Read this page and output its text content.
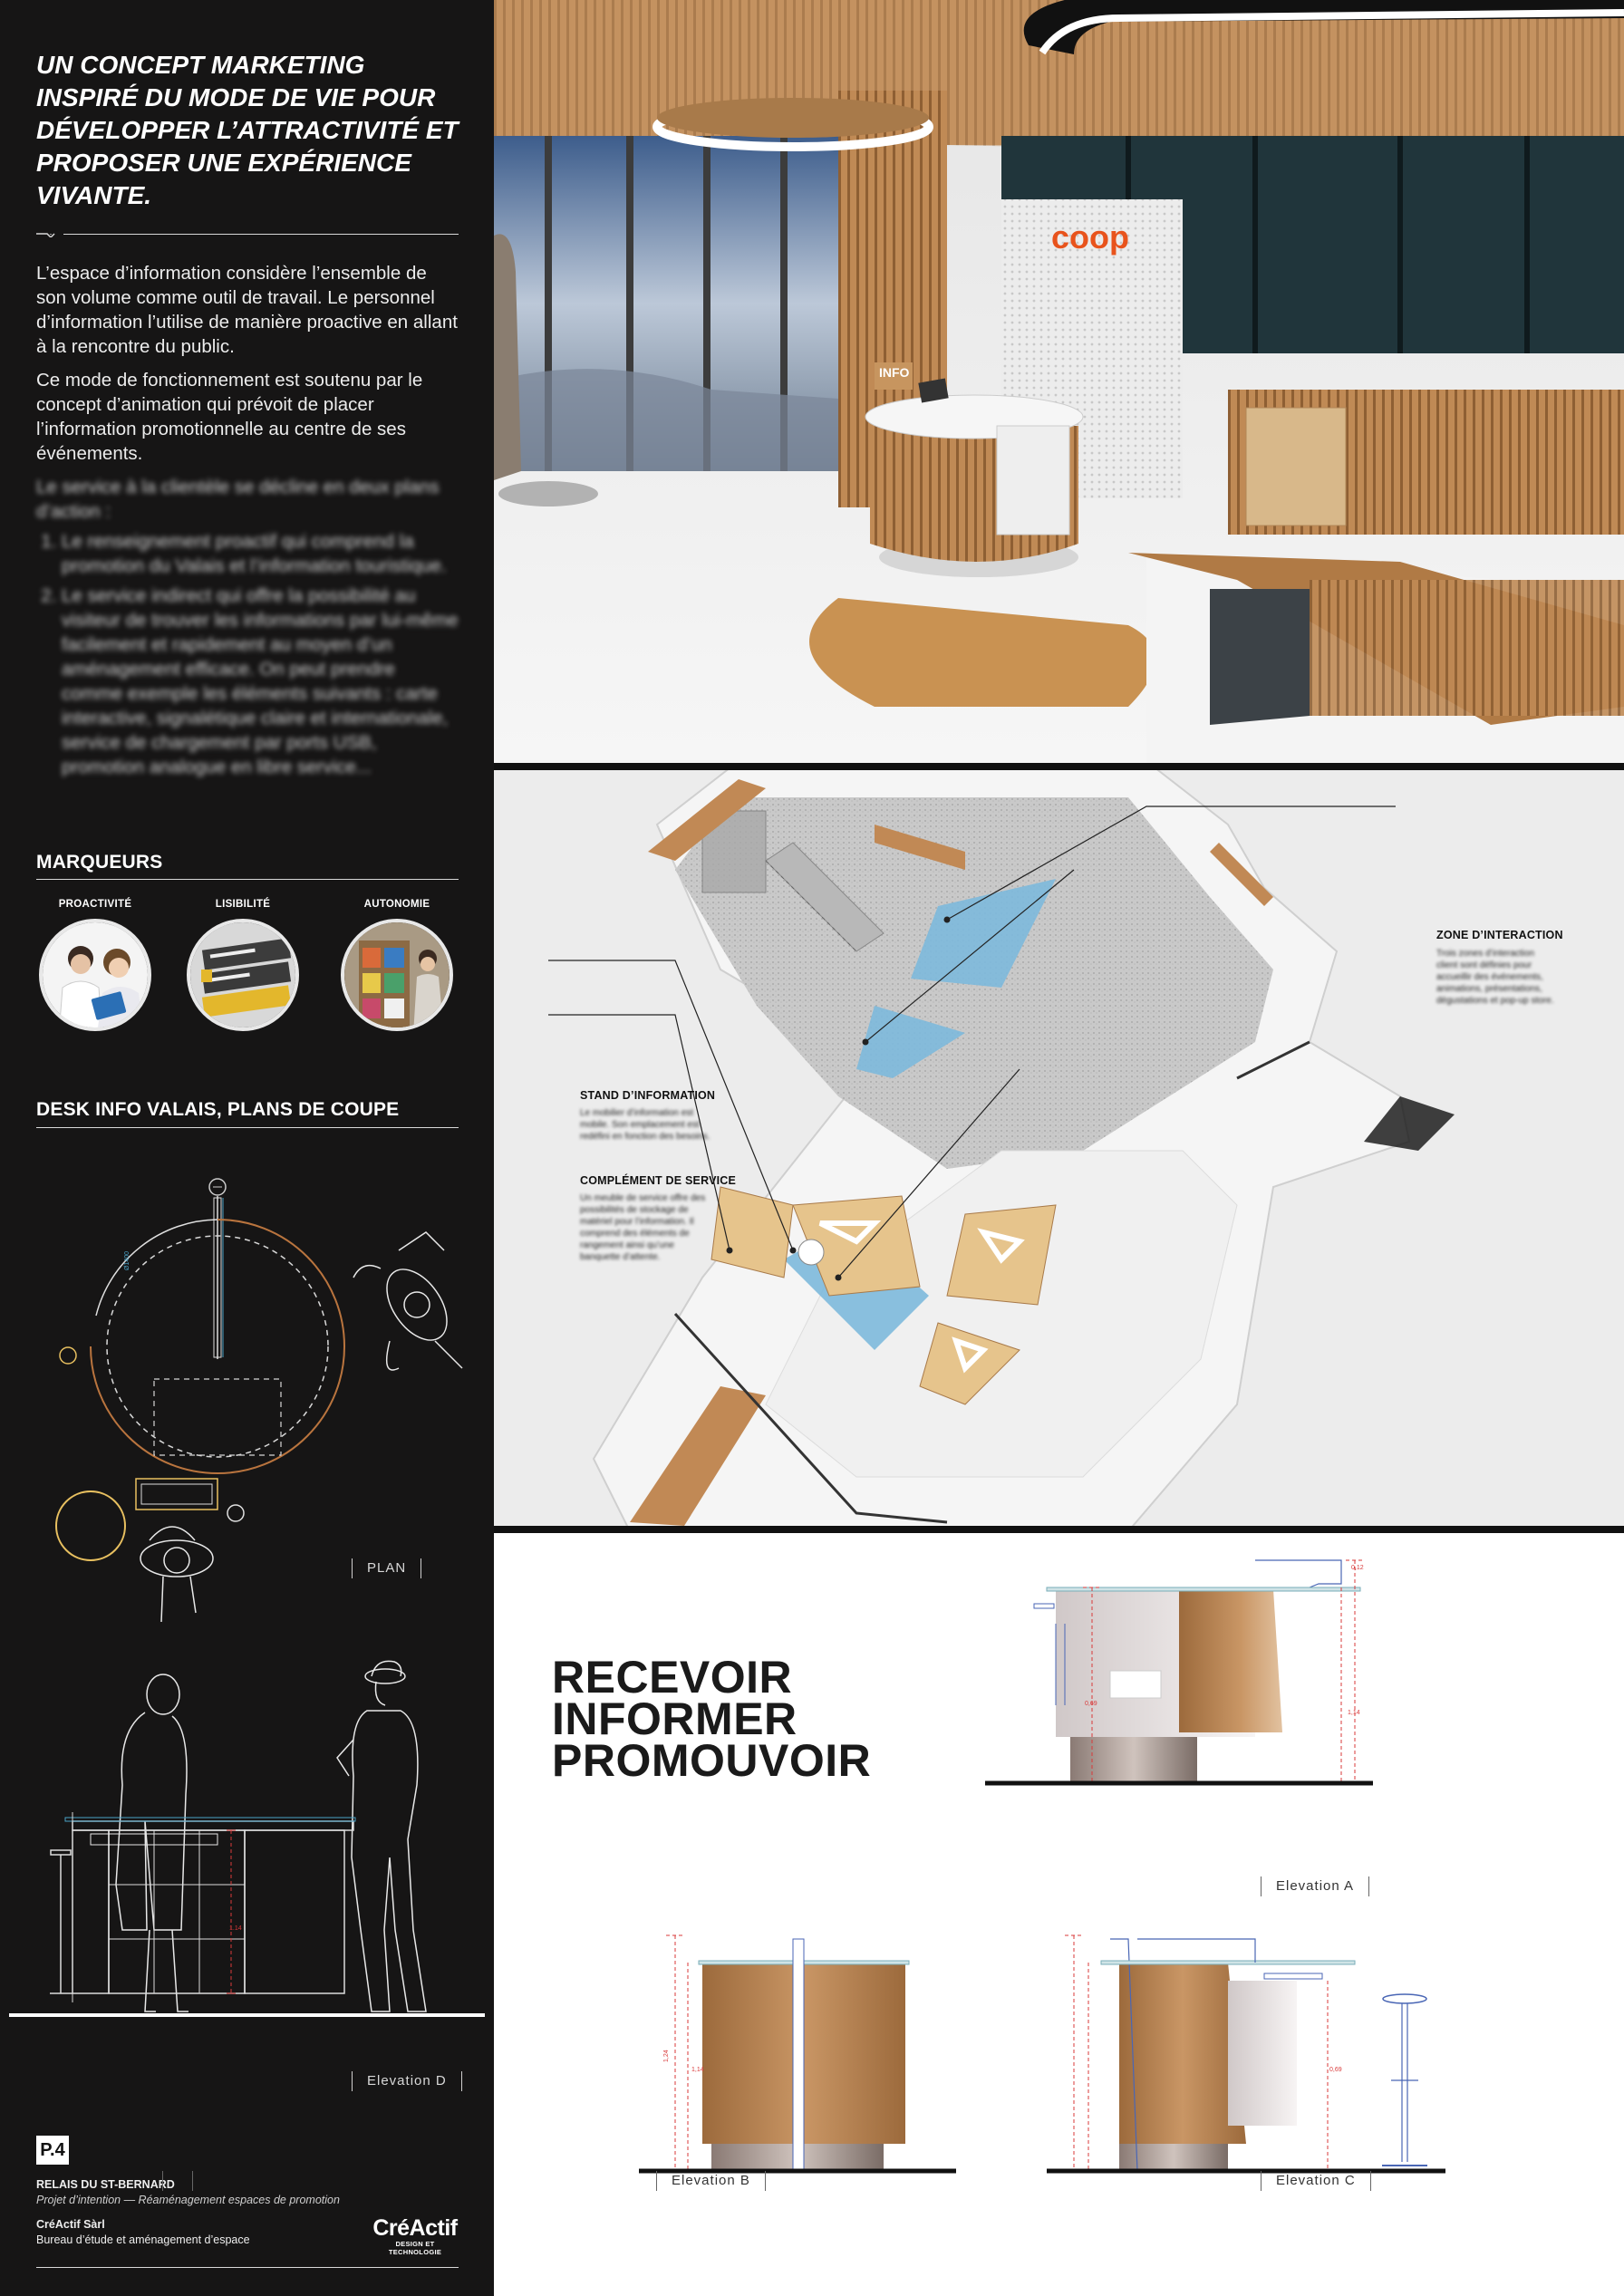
UN CONCEPT MARKETING INSPIRÉ DU MODE DE VIE POUR DÉVELOPPER L’ATTRACTIVITÉ ET PROPOSER UNE EXPÉRIENCE VIVANTE.

L’espace d’information considère l’ensemble de son volume comme outil de travail. Le personnel d’information l’utilise de manière proactive en allant à la rencontre du public.

Ce mode de fonctionnement est soutenu par le concept d’animation qui prévoit de placer l’information promotionnelle au centre de ses événements.

Le service à la clientèle se décline en deux plans d’action :

1. Le renseignement proactif qui comprend la promotion du Valais et l’information touristique.
2. Le service indirect qui offre la possibilité au visiteur de trouver les informations par lui-même facilement et rapidement au moyen d’un aménagement efficace. On peut prendre comme exemple les éléments suivants : carte interactive, signalétique claire et internationale, service de chargement par ports USB, promotion analogue en libre service...
MARQUEURS
PROACTIVITÉ	LISIBILITÉ	AUTONOMIE
DESK INFO VALAIS, PLANS DE COUPE
Ø1400
PLAN
1.14
Elevation D
P.4
RELAIS DU ST-BERNARD
Projet d’intention — Réaménagement espaces de promotion
CréActif Sàrl
Bureau d’étude et aménagement d’espace	CréActif
DESIGN ET TECHNOLOGIE
coop
INFO
ZONE D’INTERACTION
Trois zones d’interaction client sont définies pour accueillir des événements, animations, présentations, dégustations et pop-up store.
STAND D’INFORMATION
Le mobilier d’information est mobile. Son emplacement est redéfini en fonction des besoins.
COMPLÉMENT DE SERVICE
Un meuble de service offre des possibilités de stockage de matériel pour l’information. Il comprend des éléments de rangement ainsi qu’une banquette d’attente.
RECEVOIR
INFORMER
PROMOUVOIR
0,69
1,14
0,12
Elevation A
1,24
1,14	0,69
Elevation B	Elevation C
